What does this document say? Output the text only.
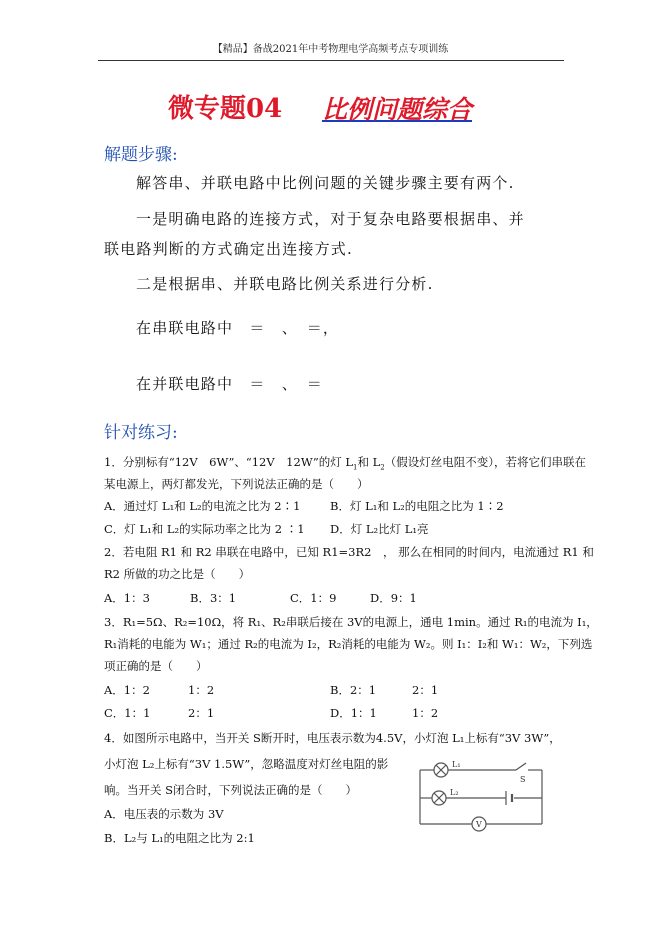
【精品】备战2021年中考物理电学高频考点专项训练
微专题04 比例问题综合
解题步骤:
解答串、并联电路中比例问题的关键步骤主要有两个.
一是明确电路的连接方式，对于复杂电路要根据串、并
联电路判断的方式确定出连接方式.
二是根据串、并联电路比例关系进行分析.
在串联电路中　＝　、　＝，
在并联电路中　＝　、　＝
针对练习:
1．分别标有“12V　6W”、“12V　12W”的灯 $L_1$和 $L_2$（假设灯丝电阻不变），若将它们串联在
某电源上，两灯都发光，下列说法正确的是（　　）
A．通过灯 L₁和 L₂的电流之比为 2∶1	B．灯 L₁和 L₂的电阻之比为 1∶2
C．灯 L₁和 L₂的实际功率之比为 2 ∶1 D．灯 L₂比灯 L₁亮
2．若电阻 R1 和 R2 串联在电路中，已知 R1=3R2　， 那么在相同的时间内，电流通过 R1 和
R2 所做的功之比是（　　）
A．1：3	B．3：1	C．1：9	D．9：1
3．R₁=5Ω、R₂=10Ω，将 R₁、R₂串联后接在 3V的电源上，通电 1min。通过 R₁的电流为 I₁，
R₁消耗的电能为 W₁；通过 R₂的电流为 I₂，R₂消耗的电能为 W₂。则 I₁：I₂和 W₁：W₂，下列选
项正确的是（　　）
A．1：2	1：2	B．2：1	2：1
C．1：1	2：1	D．1：1	1：2
4．如图所示电路中，当开关 S断开时，电压表示数为4.5V，小灯泡 L₁上标有“3V 3W”，
小灯泡 L₂上标有“3V 1.5W”，忽略温度对灯丝电阻的影
响。当开关 S闭合时，下列说法正确的是（　　）
A．电压表的示数为 3V
B．L₂与 L₁的电阻之比为 2:1
L₁
L₂
S
V
